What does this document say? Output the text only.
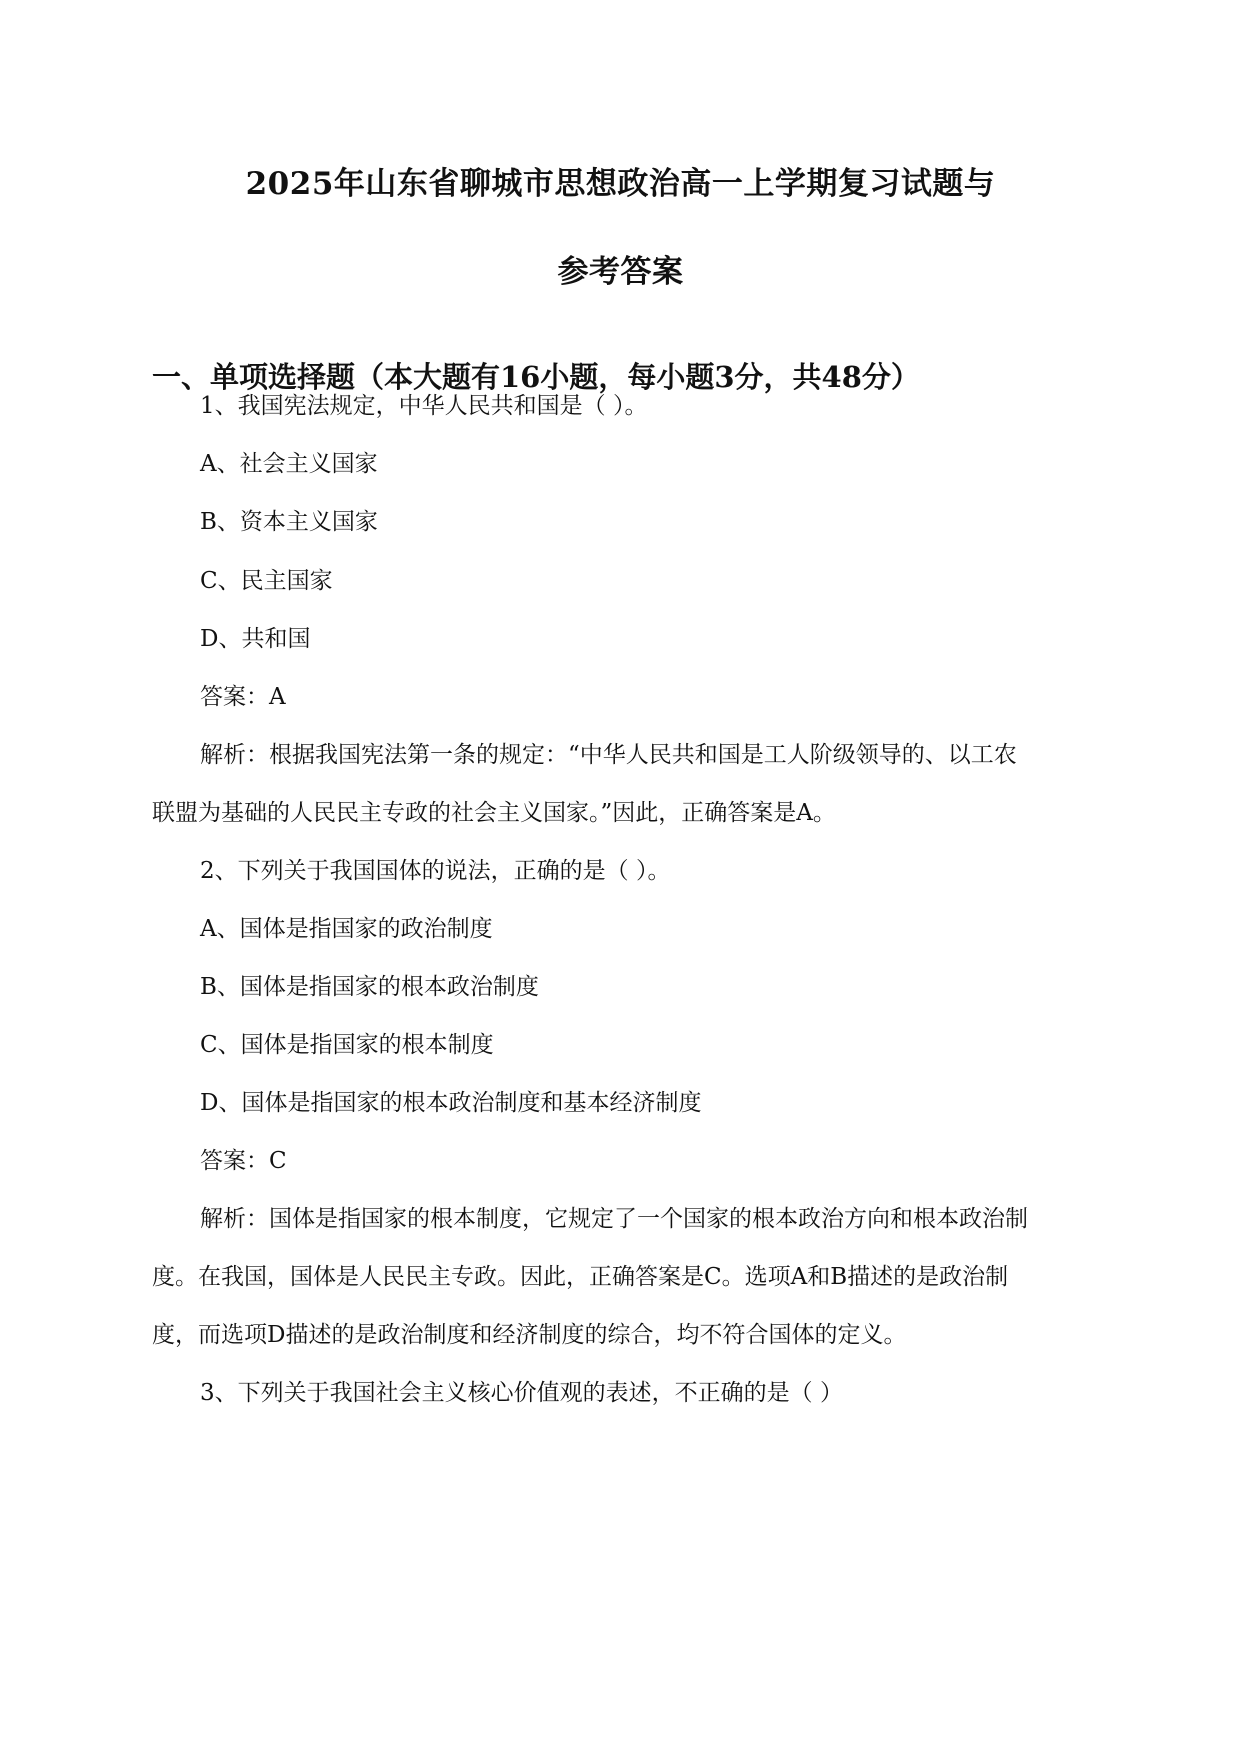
2025年山东省聊城市思想政治高一上学期复习试题与
参考答案
一、单项选择题（本大题有16小题，每小题3分，共48分）
1、我国宪法规定，中华人民共和国是（ ）。
A、社会主义国家
B、资本主义国家
C、民主国家
D、共和国
答案：A
解析：根据我国宪法第一条的规定：“中华人民共和国是工人阶级领导的、以工农
联盟为基础的人民民主专政的社会主义国家。”因此，正确答案是A。
2、下列关于我国国体的说法，正确的是（ ）。
A、国体是指国家的政治制度
B、国体是指国家的根本政治制度
C、国体是指国家的根本制度
D、国体是指国家的根本政治制度和基本经济制度
答案：C
解析：国体是指国家的根本制度，它规定了一个国家的根本政治方向和根本政治制
度。在我国，国体是人民民主专政。因此，正确答案是C。选项A和B描述的是政治制
度，而选项D描述的是政治制度和经济制度的综合，均不符合国体的定义。
3、下列关于我国社会主义核心价值观的表述，不正确的是（ ）
